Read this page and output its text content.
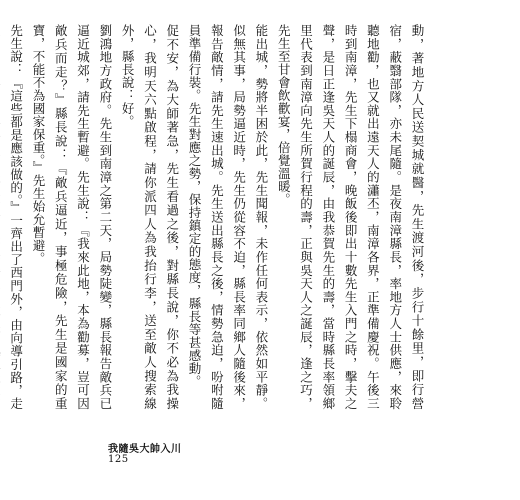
動，著地方人民送契城就醫，先生渡河後，步行十餘里，即行營宿，蔽翳部隊，亦未尾隨。是夜南漳縣長，率地方人士供應，來聆聽地勸，也又就出遠天人的瀟丕，南漳各界，正準備慶祝。午後三時到南漳，先生下榻商會，晚飯後即出十數先生入門之時，擊夫之聲，是日正逢吳天人的誕辰，由我恭賀先生的壽，當時縣長率領鄉里代表到南漳向先生所賀行程的壽，正與吳天人之誕辰，逢之巧，先生至甘會飲歡宴，倍覺溫暖。

能出城，勢將半困於此，先生聞報，未作任何表示，依然如平靜。似無其事，局勢逼近時，先生仍從容不迫，縣長率同鄉人隨後來，報告敵情，請先生速出城。先生送出縣長之後，情勢急迫，吩咐隨員準備行裝。先生對應之勢，保持鎮定的態度，縣長等甚感動。

促不安，為大師著急，先生看過之後，對縣長說，你不必為我操心，我明天六點啟程，請你派四人為我抬行李，送至敵人搜索線外，縣長說：好。

劉鴻地方政府。先生到南漳之第二天，局勢陡變，縣長報告敵兵已逼近城郊，請先生暫避。先生說：『我來此地，本為勸募，豈可因敵兵而走？』縣長說：『敵兵逼近，事極危險，先生是國家的重寶，不能不為國家保重。』先生始允暫避。

先生說：『這些都是應該做的。』一齊出了西門外，由向導引路，走

我隨吳大帥入川
125
